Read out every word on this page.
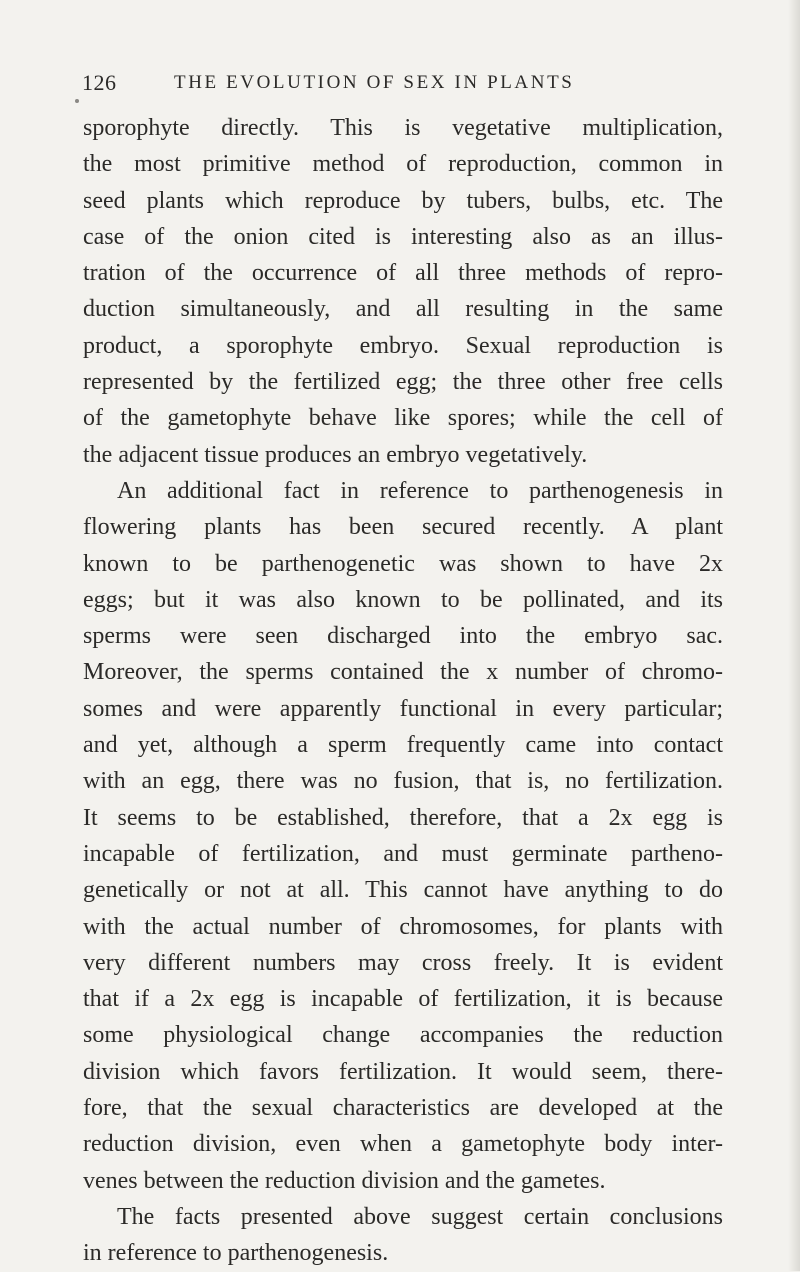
126	THE EVOLUTION OF SEX IN PLANTS
sporophyte directly. This is vegetative multiplication,
the most primitive method of reproduction, common in
seed plants which reproduce by tubers, bulbs, etc. The
case of the onion cited is interesting also as an illus-
tration of the occurrence of all three methods of repro-
duction simultaneously, and all resulting in the same
product, a sporophyte embryo. Sexual reproduction is
represented by the fertilized egg; the three other free cells
of the gametophyte behave like spores; while the cell of
the adjacent tissue produces an embryo vegetatively.
An additional fact in reference to parthenogenesis in
flowering plants has been secured recently. A plant
known to be parthenogenetic was shown to have 2x
eggs; but it was also known to be pollinated, and its
sperms were seen discharged into the embryo sac.
Moreover, the sperms contained the x number of chromo-
somes and were apparently functional in every particular;
and yet, although a sperm frequently came into contact
with an egg, there was no fusion, that is, no fertilization.
It seems to be established, therefore, that a 2x egg is
incapable of fertilization, and must germinate partheno-
genetically or not at all. This cannot have anything to do
with the actual number of chromosomes, for plants with
very different numbers may cross freely. It is evident
that if a 2x egg is incapable of fertilization, it is because
some physiological change accompanies the reduction
division which favors fertilization. It would seem, there-
fore, that the sexual characteristics are developed at the
reduction division, even when a gametophyte body inter-
venes between the reduction division and the gametes.
The facts presented above suggest certain conclusions
in reference to parthenogenesis.
